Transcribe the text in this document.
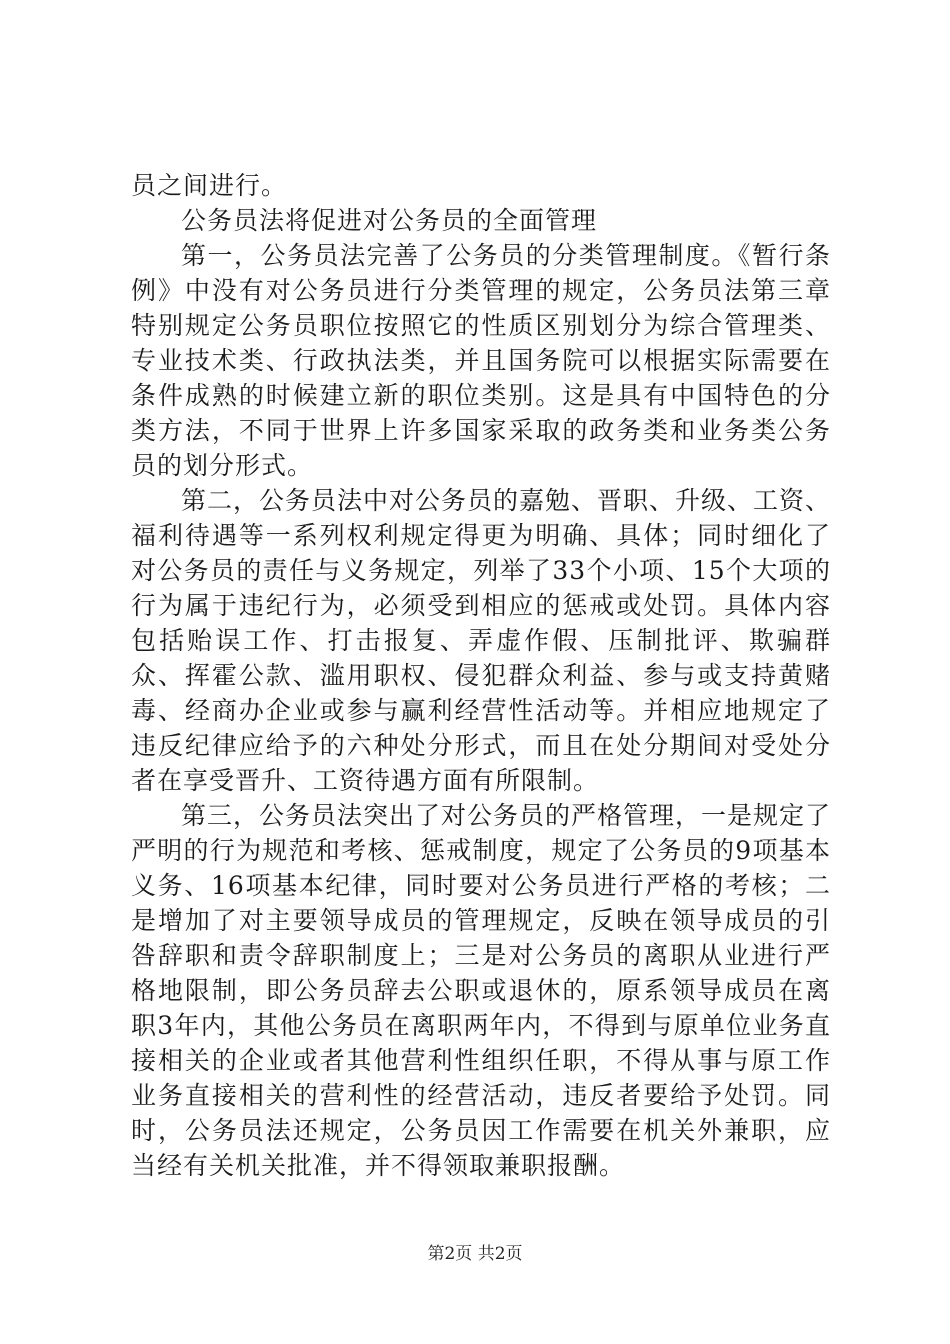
员之间进行。

公务员法将促进对公务员的全面管理

第一，公务员法完善了公务员的分类管理制度。《暂行条例》中没有对公务员进行分类管理的规定，公务员法第三章特别规定公务员职位按照它的性质区别划分为综合管理类、专业技术类、行政执法类，并且国务院可以根据实际需要在条件成熟的时候建立新的职位类别。这是具有中国特色的分类方法，不同于世界上许多国家采取的政务类和业务类公务员的划分形式。

第二，公务员法中对公务员的嘉勉、晋职、升级、工资、福利待遇等一系列权利规定得更为明确、具体；同时细化了对公务员的责任与义务规定，列举了33个小项、15个大项的行为属于违纪行为，必须受到相应的惩戒或处罚。具体内容包括贻误工作、打击报复、弄虚作假、压制批评、欺骗群众、挥霍公款、滥用职权、侵犯群众利益、参与或支持黄赌毒、经商办企业或参与赢利经营性活动等。并相应地规定了违反纪律应给予的六种处分形式，而且在处分期间对受处分者在享受晋升、工资待遇方面有所限制。

第三，公务员法突出了对公务员的严格管理，一是规定了严明的行为规范和考核、惩戒制度，规定了公务员的9项基本义务、16项基本纪律，同时要对公务员进行严格的考核；二是增加了对主要领导成员的管理规定，反映在领导成员的引咎辞职和责令辞职制度上；三是对公务员的离职从业进行严格地限制，即公务员辞去公职或退休的，原系领导成员在离职3年内，其他公务员在离职两年内，不得到与原单位业务直接相关的企业或者其他营利性组织任职，不得从事与原工作业务直接相关的营利性的经营活动，违反者要给予处罚。同时，公务员法还规定，公务员因工作需要在机关外兼职，应当经有关机关批准，并不得领取兼职报酬。

第2页 共2页
